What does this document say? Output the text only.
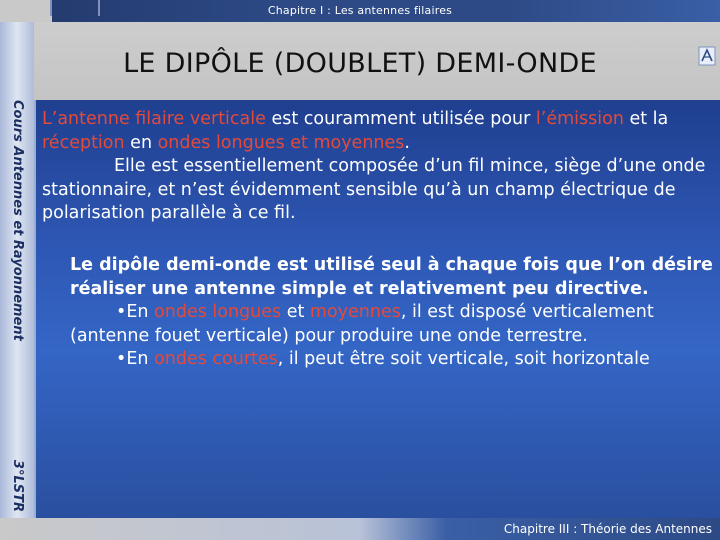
Chapitre I : Les antennes filaires
LE DIPÔLE (DOUBLET) DEMI-ONDE
Cours Antennes et Rayonnement
3°LSTR
L’antenne filaire verticale est couramment utilisée pour l’émission et la réception en ondes longues et moyennes.
Elle est essentiellement composée d’un fil mince, siège d’une onde stationnaire, et n’est évidemment sensible qu’à un champ électrique de polarisation parallèle à ce fil.
Le dipôle demi-onde est utilisé seul à chaque fois que l’on désire réaliser une antenne simple et relativement peu directive.
•En ondes longues et moyennes, il est disposé verticalement (antenne fouet verticale) pour produire une onde terrestre.
•En ondes courtes, il peut être soit verticale, soit horizontale
Chapitre III : Théorie des Antennes
